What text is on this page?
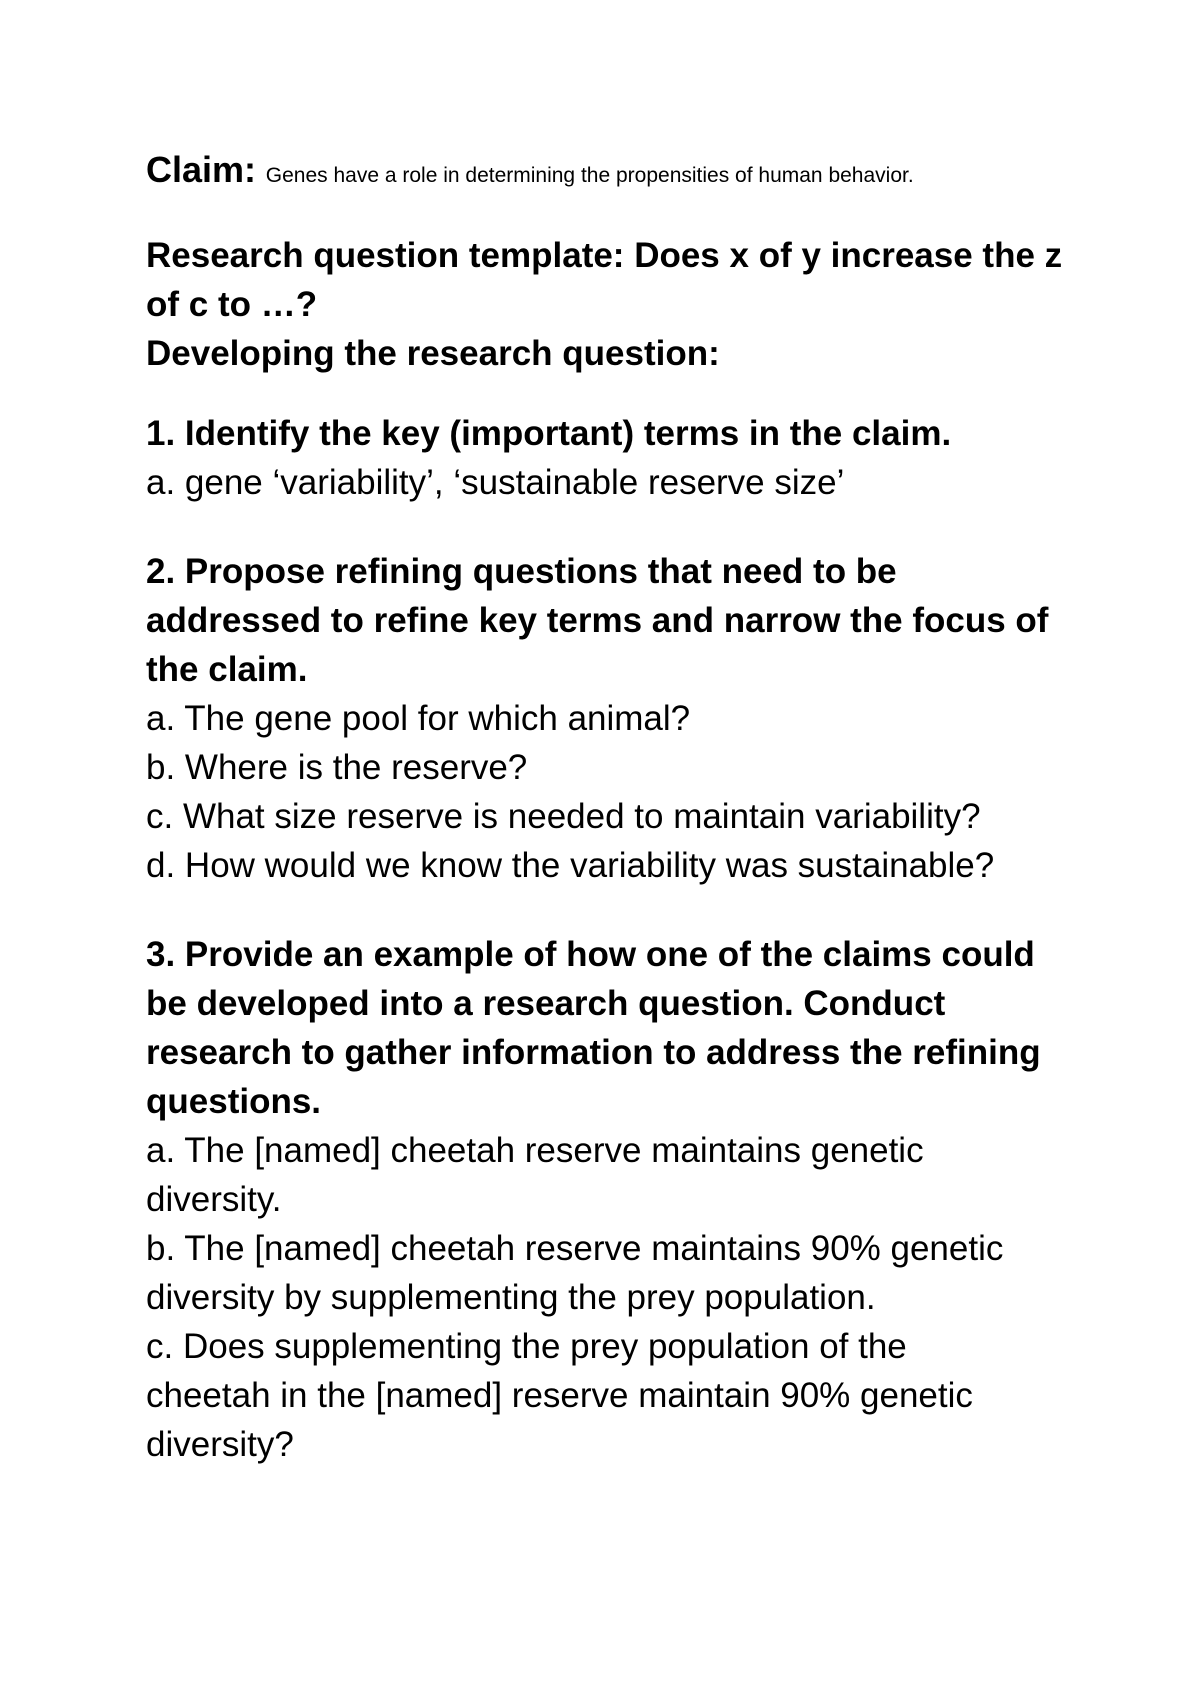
Claim: Genes have a role in determining the propensities of human behavior.

Research question template: Does x of y increase the z

of c to …?

Developing the research question:

1. Identify the key (important) terms in the claim.

a. gene ‘variability’, ‘sustainable reserve size’

2. Propose refining questions that need to be

addressed to refine key terms and narrow the focus of

the claim.

a. The gene pool for which animal?

b. Where is the reserve?

c. What size reserve is needed to maintain variability?

d. How would we know the variability was sustainable?

3. Provide an example of how one of the claims could

be developed into a research question. Conduct

research to gather information to address the refining

questions.

a. The [named] cheetah reserve maintains genetic

diversity.

b. The [named] cheetah reserve maintains 90% genetic

diversity by supplementing the prey population.

c. Does supplementing the prey population of the

cheetah in the [named] reserve maintain 90% genetic

diversity?
